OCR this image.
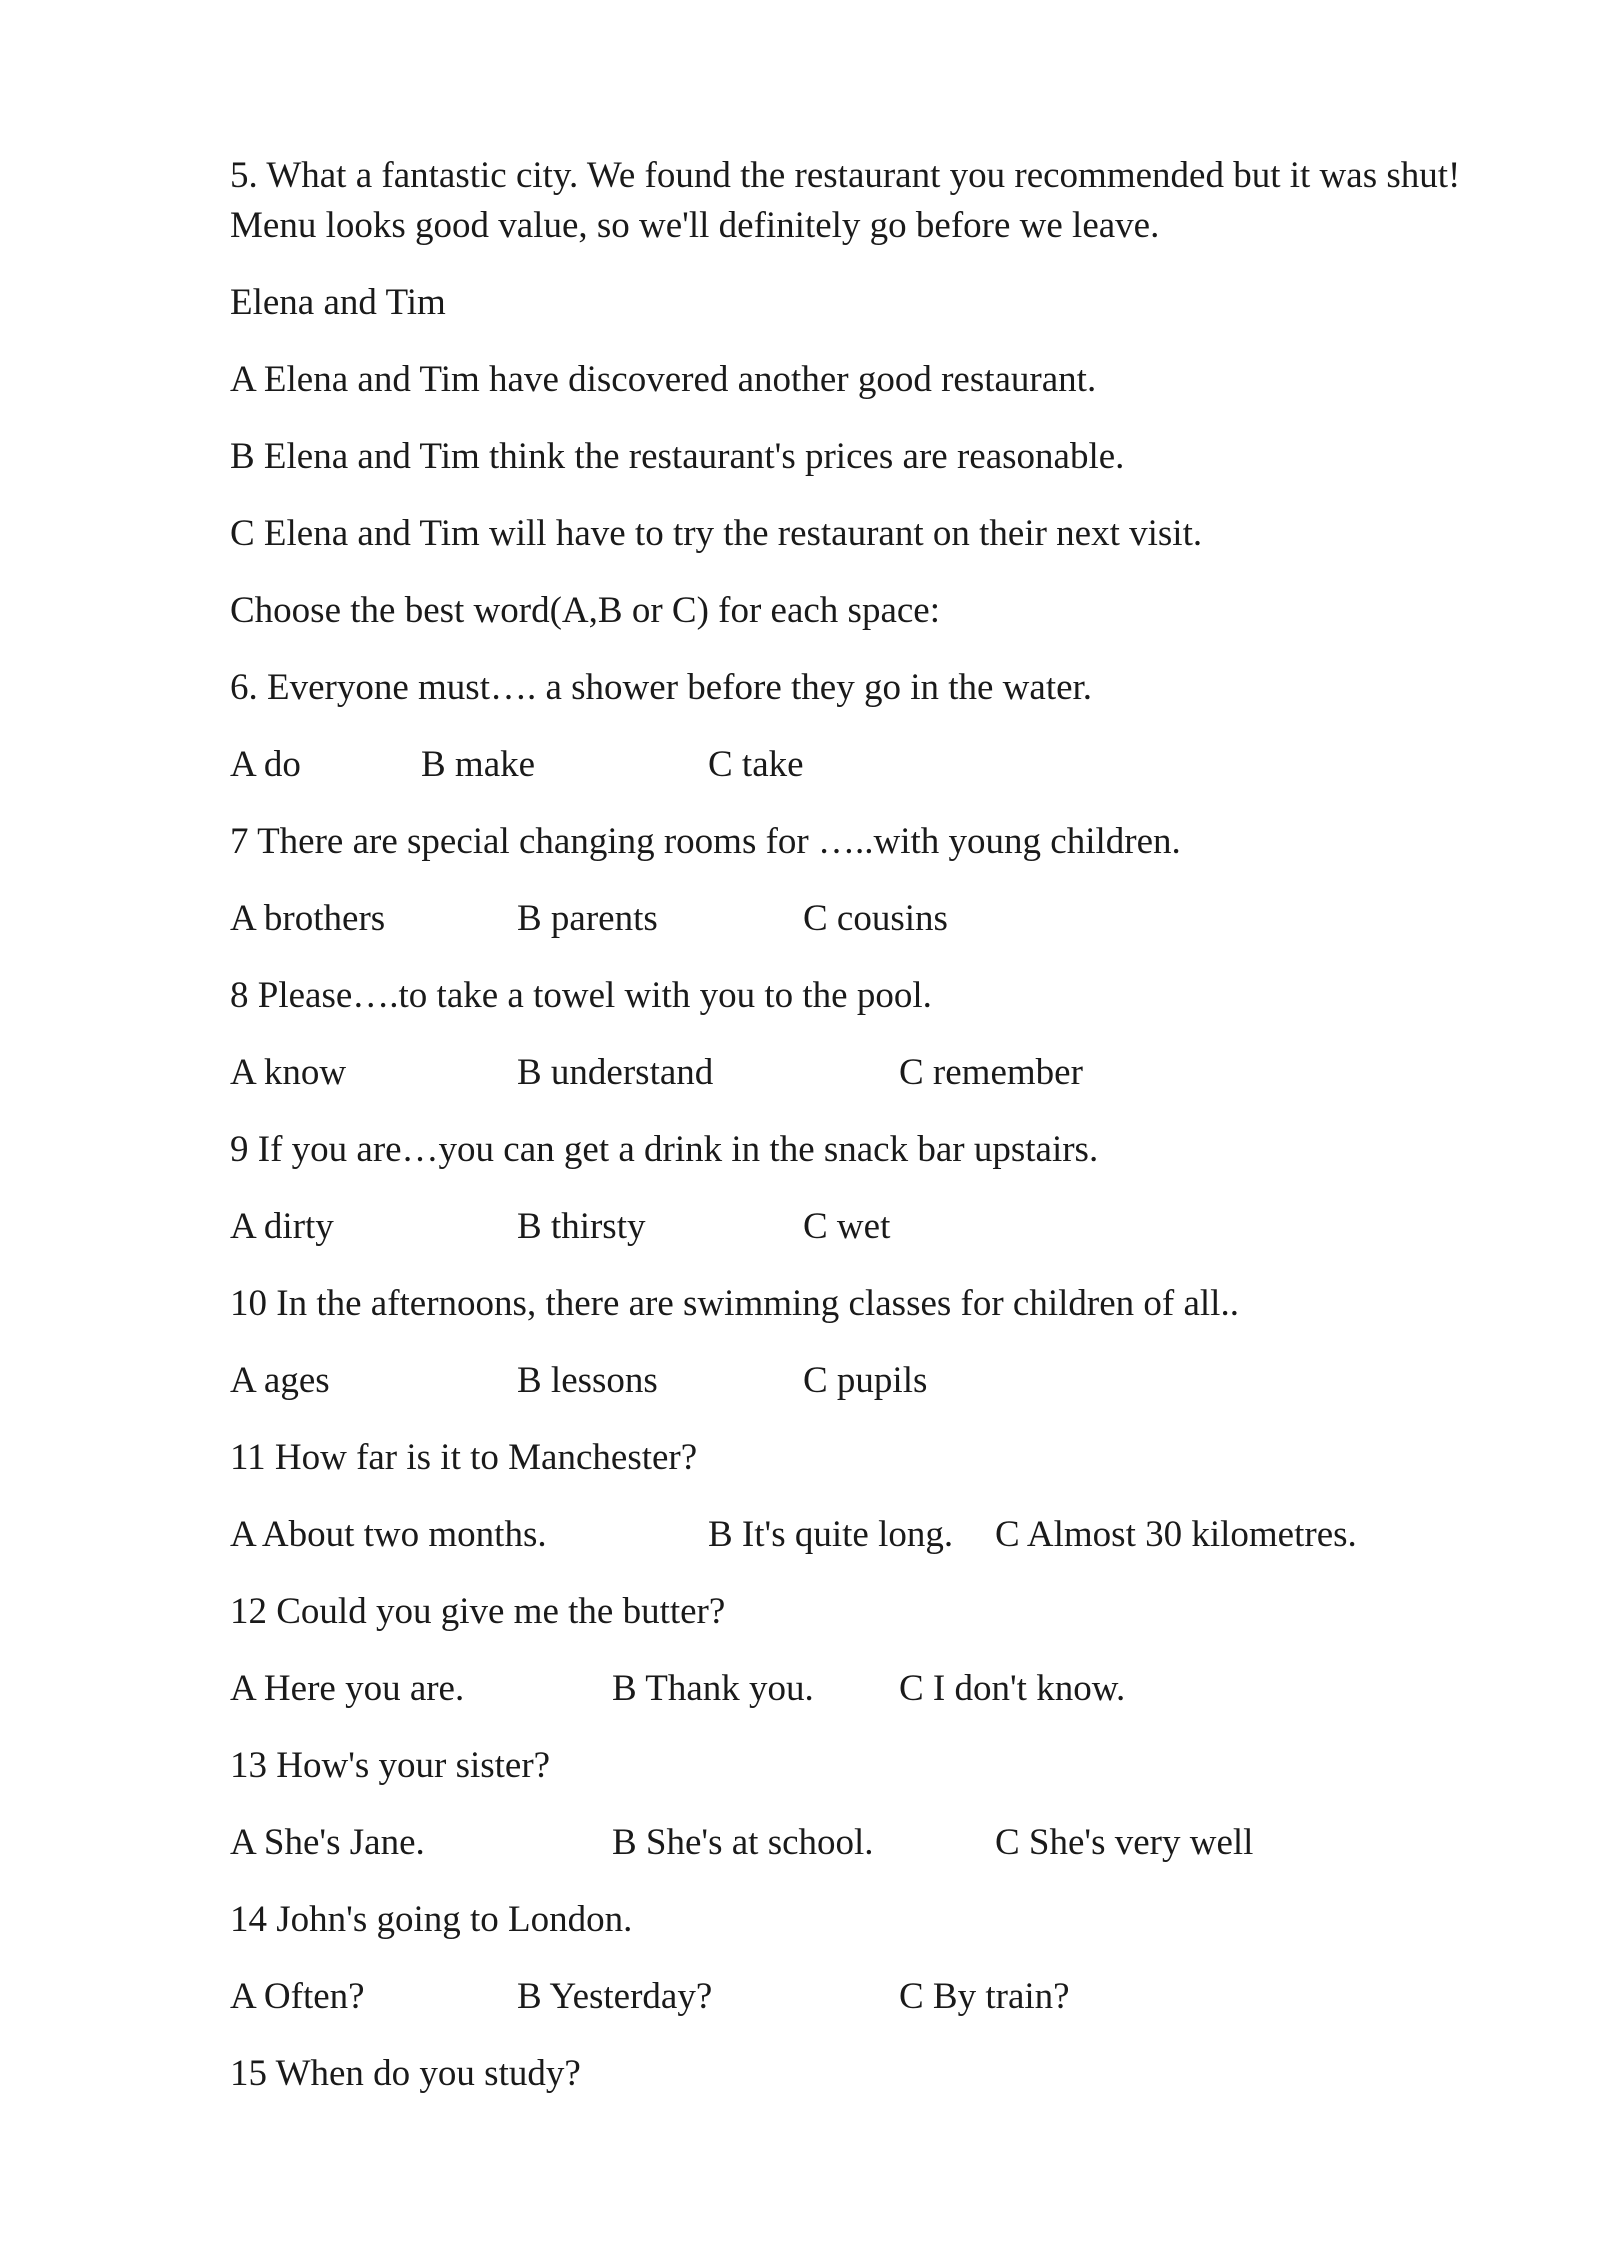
5. What a fantastic city. We found the restaurant you recommended but it was shut!
Menu looks good value, so we'll definitely go before we leave.
Elena and Tim
A Elena and Tim have discovered another good restaurant.
B Elena and Tim think the restaurant's prices are reasonable.
C Elena and Tim will have to try the restaurant on their next visit.
Choose the best word(A,B or C) for each space:
6. Everyone must…. a shower before they go in the water.
A do	B make	C take
7 There are special changing rooms for …..with young children.
A brothers	B parents	C cousins
8 Please….to take a towel with you to the pool.
A know	B understand	C remember
9 If you are…you can get a drink in the snack bar upstairs.
A dirty	B thirsty	C wet
10 In the afternoons, there are swimming classes for children of all..
A ages	B lessons	C pupils
11 How far is it to Manchester?
A About two months.	B It's quite long. C Almost 30 kilometres.
12 Could you give me the butter?
A Here you are.	B Thank you. C I don't know.
13 How's your sister?
A She's Jane.	B She's at school.	C She's very well
14 John's going to London.
A Often?	B Yesterday?	C By train?
15 When do you study?
